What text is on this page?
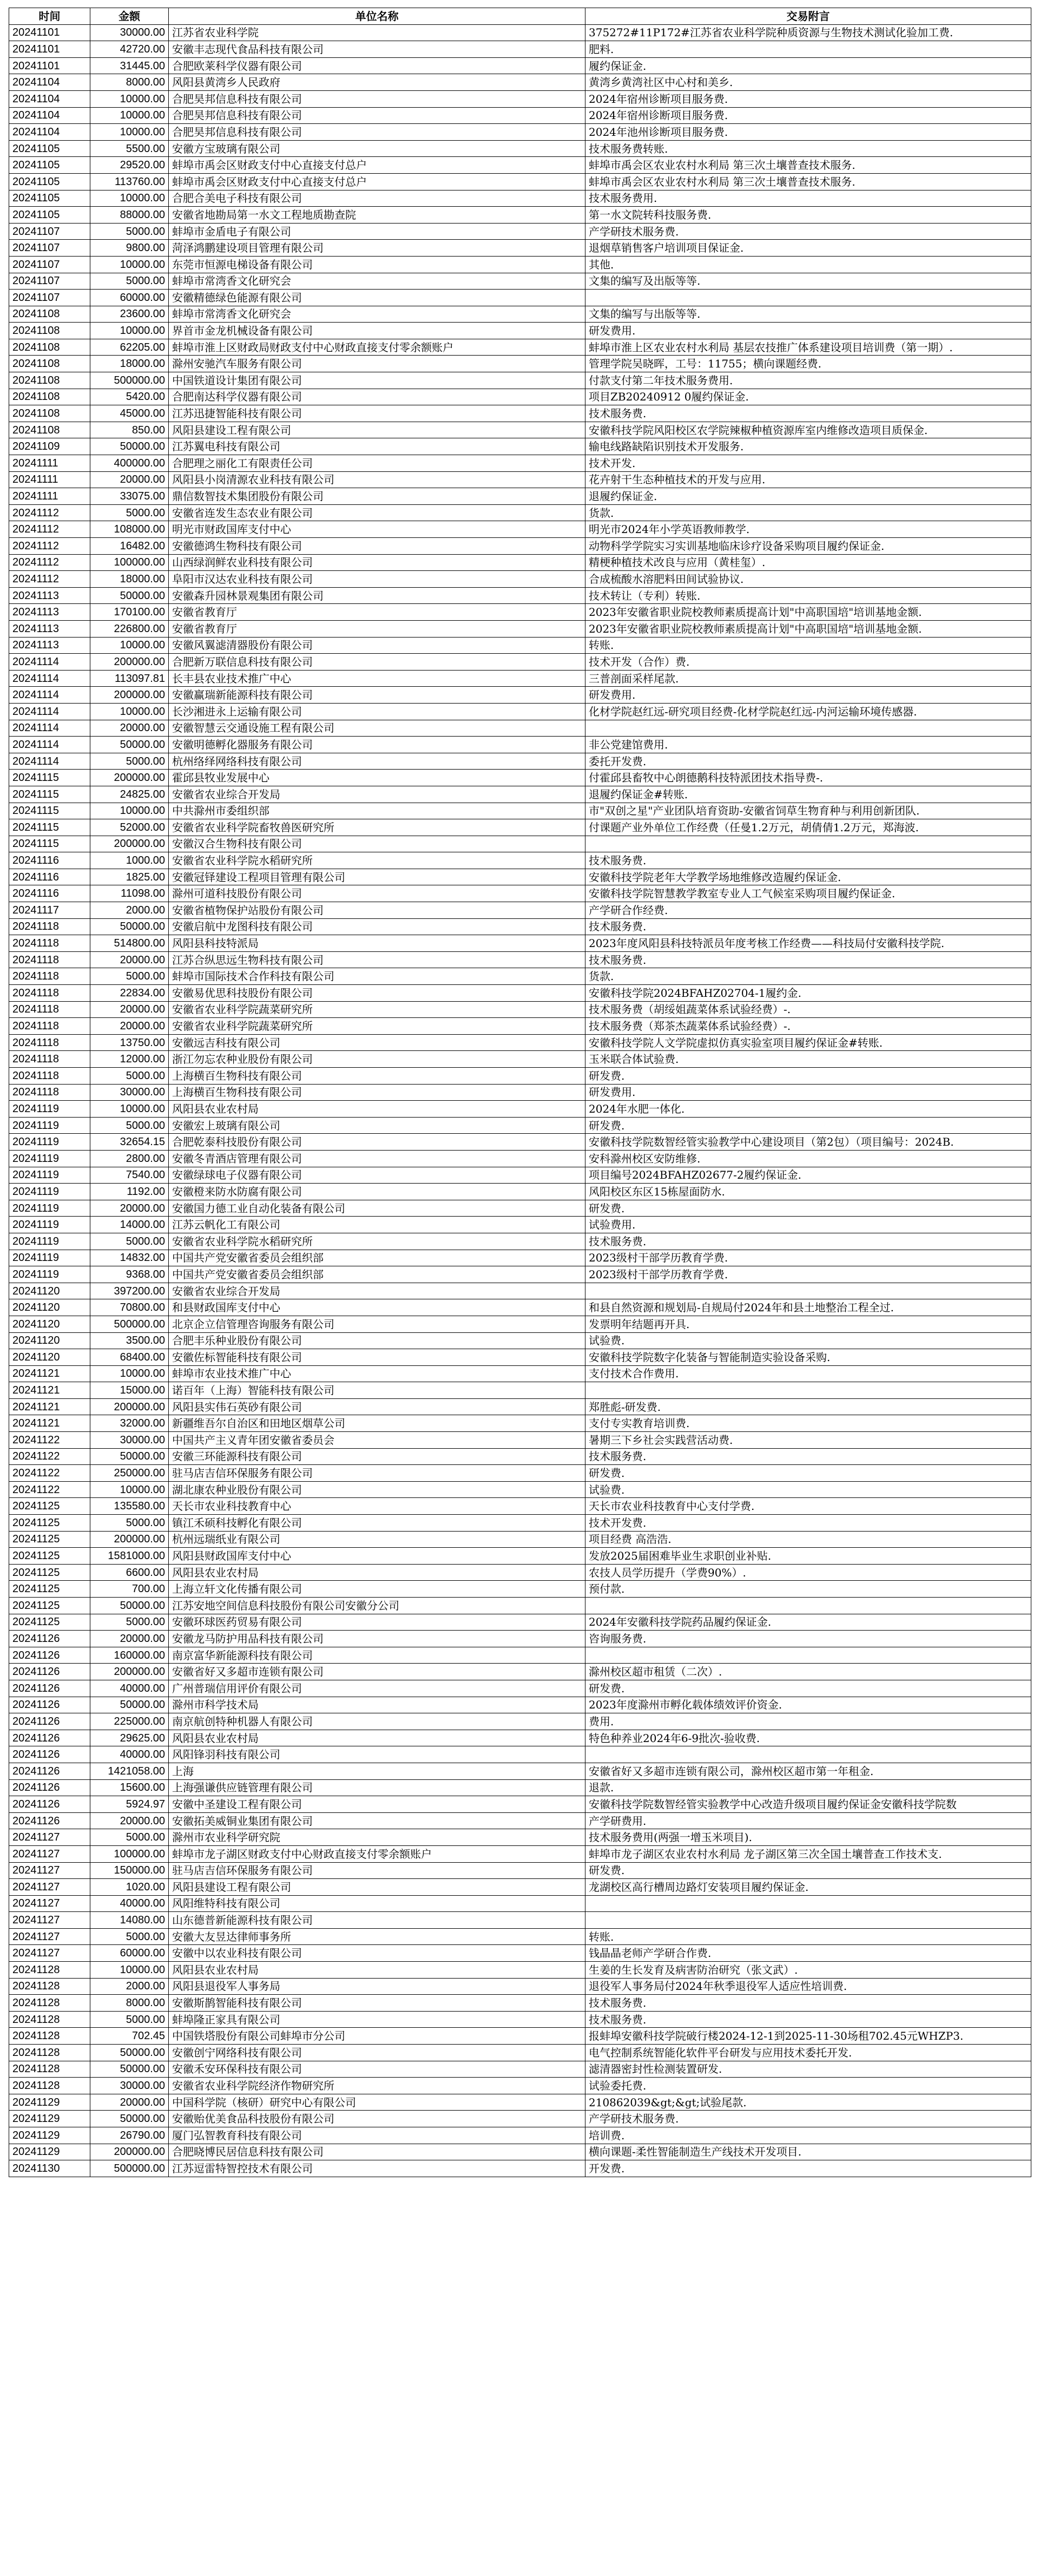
时间	金额	单位名称	交易附言
20241101	30000.00	江苏省农业科学院	375272#11P172#江苏省农业科学院种质资源与生物技术测试化验加工费.
20241101	42720.00	安徽丰志现代食品科技有限公司	肥料.
20241101	31445.00	合肥欧莱科学仪器有限公司	履约保证金.
20241104	8000.00	风阳县黄湾乡人民政府	黄湾乡黄湾社区中心村和美乡.
20241104	10000.00	合肥昊邦信息科技有限公司	2024年宿州诊断项目服务费.
20241104	10000.00	合肥昊邦信息科技有限公司	2024年宿州诊断项目服务费.
20241104	10000.00	合肥昊邦信息科技有限公司	2024年池州诊断项目服务费.
20241105	5500.00	安徽方宝玻璃有限公司	技术服务费转账.
20241105	29520.00	蚌埠市禹会区财政支付中心直接支付总户	蚌埠市禹会区农业农村水利局 第三次土壤普查技术服务.
20241105	113760.00	蚌埠市禹会区财政支付中心直接支付总户	蚌埠市禹会区农业农村水利局 第三次土壤普查技术服务.
20241105	10000.00	合肥合美电子科技有限公司	技术服务费用.
20241105	88000.00	安徽省地勘局第一水文工程地质勘查院	第一水文院转科技服务费.
20241107	5000.00	蚌埠市金盾电子有限公司	产学研技术服务费.
20241107	9800.00	菏泽鸿鹏建设项目管理有限公司	退烟草销售客户培训项目保证金.
20241107	10000.00	东莞市恒源电梯设备有限公司	其他.
20241107	5000.00	蚌埠市常湾香文化研究会	文集的编写及出版等等.
20241107	60000.00	安徽精德绿色能源有限公司	
20241108	23600.00	蚌埠市常湾香文化研究会	文集的编写与出版等等.
20241108	10000.00	界首市金龙机械设备有限公司	研发费用.
20241108	62205.00	蚌埠市淮上区财政局财政支付中心财政直接支付零余额账户	蚌埠市淮上区农业农村水利局 基层农技推广体系建设项目培训费（第一期）.
20241108	18000.00	滁州安驰汽车服务有限公司	管理学院吴晓晖，工号：11755；横向课题经费.
20241108	500000.00	中国铁道设计集团有限公司	付款支付第二年技术服务费用.
20241108	5420.00	合肥南达科学仪器有限公司	项目ZB20240912 0履约保证金.
20241108	45000.00	江苏迅捷智能科技有限公司	技术服务费.
20241108	850.00	风阳县建设工程有限公司	安徽科技学院风阳校区农学院辣椒种植资源库室内维修改造项目质保金.
20241109	50000.00	江苏翼电科技有限公司	输电线路缺陷识别技术开发服务.
20241111	400000.00	合肥理之丽化工有限责任公司	技术开发.
20241111	20000.00	风阳县小岗清源农业科技有限公司	花卉射干生态种植技术的开发与应用.
20241111	33075.00	鼎信数智技术集团股份有限公司	退履约保证金.
20241112	5000.00	安徽省连发生态农业有限公司	货款.
20241112	108000.00	明光市财政国库支付中心	明光市2024年小学英语教师教学.
20241112	16482.00	安徽德鸿生物科技有限公司	动物科学学院实习实训基地临床诊疗设备采购项目履约保证金.
20241112	100000.00	山西绿润鲜农业科技有限公司	精梗种植技术改良与应用（黄桂玺）.
20241112	18000.00	阜阳市汉达农业科技有限公司	合成梳酸水溶肥料田间试验协议.
20241113	50000.00	安徽森升园林景观集团有限公司	技术转让（专利）转账.
20241113	170100.00	安徽省教育厅	2023年安徽省职业院校教师素质提高计划"中高职国培"培训基地金额.
20241113	226800.00	安徽省教育厅	2023年安徽省职业院校教师素质提高计划"中高职国培"培训基地金额.
20241113	10000.00	安徽风翼滤清器股份有限公司	转账.
20241114	200000.00	合肥新万联信息科技有限公司	技术开发（合作）费.
20241114	113097.81	长丰县农业技术推广中心	三普剖面采样尾款.
20241114	200000.00	安徽赢瑞新能源科技有限公司	研发费用.
20241114	10000.00	长沙湘进永上运输有限公司	化材学院赵红远-研究项目经费-化材学院赵红远-内河运输环境传感器.
20241114	20000.00	安徽智慧云交通设施工程有限公司	
20241114	50000.00	安徽明德孵化器服务有限公司	非公党建馆费用.
20241114	5000.00	杭州络绎网络科技有限公司	委托开发费.
20241115	200000.00	霍邱县牧业发展中心	付霍邱县畜牧中心朗德鹅科技特派团技术指导费-.
20241115	24825.00	安徽省农业综合开发局	退履约保证金#转账.
20241115	10000.00	中共滁州市委组织部	市"双创之星"产业团队培育资助-安徽省饲草生物育种与利用创新团队.
20241115	52000.00	安徽省农业科学院畜牧兽医研究所	付课题产业外单位工作经费（任曼1.2万元，胡倩倩1.2万元，郑海波.
20241115	200000.00	安徽汉合生物科技有限公司	
20241116	1000.00	安徽省农业科学院水稻研究所	技术服务费.
20241116	1825.00	安徽冠铎建设工程项目管理有限公司	安徽科技学院老年大学教学场地维修改造履约保证金.
20241116	11098.00	滁州可道科技股份有限公司	安徽科技学院智慧教学教室专业人工气候室采购项目履约保证金.
20241117	2000.00	安徽省植物保护站股份有限公司	产学研合作经费.
20241118	50000.00	安徽启航中龙图科技有限公司	技术服务费.
20241118	514800.00	风阳县科技特派局	2023年度风阳县科技特派员年度考核工作经费——科技局付安徽科技学院.
20241118	20000.00	江苏合纵思远生物科技有限公司	技术服务费.
20241118	5000.00	蚌埠市国际技术合作科技有限公司	货款.
20241118	22834.00	安徽易优思科技股份有限公司	安徽科技学院2024BFAHZ02704-1履约金.
20241118	20000.00	安徽省农业科学院蔬菜研究所	技术服务费（胡绥姐蔬菜体系试验经费）-.
20241118	20000.00	安徽省农业科学院蔬菜研究所	技术服务费（郑茶杰蔬菜体系试验经费）-.
20241118	13750.00	安徽远吉科技有限公司	安徽科技学院人文学院虚拟仿真实验室项目履约保证金#转账.
20241118	12000.00	浙江勿忘农种业股份有限公司	玉米联合体试验费.
20241118	5000.00	上海横百生物科技有限公司	研发费.
20241118	30000.00	上海横百生物科技有限公司	研发费用.
20241119	10000.00	风阳县农业农村局	2024年水肥一体化.
20241119	5000.00	安徽宏上玻璃有限公司	研发费.
20241119	32654.15	合肥乾泰科技股份有限公司	安徽科技学院数智经管实验教学中心建设项目（第2包）（项目编号：2024B.
20241119	2800.00	安徽冬青酒店管理有限公司	安科滁州校区安防维修.
20241119	7540.00	安徽绿球电子仪器有限公司	项目编号2024BFAHZ02677-2履约保证金.
20241119	1192.00	安徽橙来防水防腐有限公司	风阳校区东区15栋屋面防水.
20241119	20000.00	安徽国力德工业自动化装备有限公司	研发费.
20241119	14000.00	江苏云帆化工有限公司	试验费用.
20241119	5000.00	安徽省农业科学院水稻研究所	技术服务费.
20241119	14832.00	中国共产党安徽省委员会组织部	2023级村干部学历教育学费.
20241119	9368.00	中国共产党安徽省委员会组织部	2023级村干部学历教育学费.
20241120	397200.00	安徽省农业综合开发局	
20241120	70800.00	和县财政国库支付中心	和县自然资源和规划局-自规局付2024年和县土地整治工程全过.
20241120	500000.00	北京企立信管理咨询服务有限公司	发票明年结题再开具.
20241120	3500.00	合肥丰乐种业股份有限公司	试验费.
20241120	68400.00	安徽佐标智能科技有限公司	安徽科技学院数字化装备与智能制造实验设备采购.
20241121	10000.00	蚌埠市农业技术推广中心	支付技术合作费用.
20241121	15000.00	诺百年（上海）智能科技有限公司	
20241121	200000.00	风阳县实伟石英砂有限公司	郑胜彪-研发费.
20241121	32000.00	新疆维吾尔自治区和田地区烟草公司	支付专实教育培训费.
20241122	30000.00	中国共产主义青年团安徽省委员会	暑期三下乡社会实践营活动费.
20241122	50000.00	安徽三环能源科技有限公司	技术服务费.
20241122	250000.00	驻马店吉信环保服务有限公司	研发费.
20241122	10000.00	湖北康农种业股份有限公司	试验费.
20241125	135580.00	天长市农业科技教育中心	天长市农业科技教育中心支付学费.
20241125	5000.00	镇江禾硕科技孵化有限公司	技术开发费.
20241125	200000.00	杭州远瑞纸业有限公司	项目经费 高浩浩.
20241125	1581000.00	风阳县财政国库支付中心	发放2025届困难毕业生求职创业补贴.
20241125	6600.00	风阳县农业农村局	农技人员学历提升（学费90%）.
20241125	700.00	上海立轩文化传播有限公司	预付款.
20241125	50000.00	江苏安地空间信息科技股份有限公司安徽分公司	
20241125	5000.00	安徽环球医药贸易有限公司	2024年安徽科技学院药品履约保证金.
20241126	20000.00	安徽龙马防护用品科技有限公司	咨询服务费.
20241126	160000.00	南京富华新能源科技有限公司	
20241126	200000.00	安徽省好又多超市连锁有限公司	滁州校区超市租赁（二次）.
20241126	40000.00	广州普瑞信用评价有限公司	研发费.
20241126	50000.00	滁州市科学技术局	2023年度滁州市孵化载体绩效评价资金.
20241126	225000.00	南京航创特种机器人有限公司	费用.
20241126	29625.00	风阳县农业农村局	特色种养业2024年6-9批次-验收费.
20241126	40000.00	风阳锋羽科技有限公司	
20241126	1421058.00	上海	安徽省好又多超市连锁有限公司，滁州校区超市第一年租金.
20241126	15600.00	上海强谦供应链管理有限公司	退款.
20241126	5924.97	安徽中圣建设工程有限公司	安徽科技学院数智经管实验教学中心改造升级项目履约保证金安徽科技学院数
20241126	20000.00	安徽拓美威铜业集团有限公司	产学研费用.
20241127	5000.00	滁州市农业科学研究院	技术服务费用(两强一增玉米项目).
20241127	100000.00	蚌埠市龙子湖区财政支付中心财政直接支付零余额账户	蚌埠市龙子湖区农业农村水利局 龙子湖区第三次全国土壤普查工作技术支.
20241127	150000.00	驻马店吉信环保服务有限公司	研发费.
20241127	1020.00	风阳县建设工程有限公司	龙湖校区高行槽周边路灯安装项目履约保证金.
20241127	40000.00	风阳维特科技有限公司	
20241127	14080.00	山东德普新能源科技有限公司	
20241127	5000.00	安徽大友昱达律师事务所	转账.
20241127	60000.00	安徽中以农业科技有限公司	钱晶晶老师产学研合作费.
20241128	10000.00	风阳县农业农村局	生姜的生长发育及病害防治研究（张文武）.
20241128	2000.00	风阳县退役军人事务局	退役军人事务局付2024年秋季退役军人适应性培训费.
20241128	8000.00	安徽斯鹊智能科技有限公司	技术服务费.
20241128	5000.00	蚌埠隆正家具有限公司	技术服务费.
20241128	702.45	中国铁塔股份有限公司蚌埠市分公司	报蚌埠安徽科技学院破行楼2024-12-1到2025-11-30场租702.45元WHZP3.
20241128	50000.00	安徽创宁网络科技有限公司	电气控制系统智能化软件平台研发与应用技术委托开发.
20241128	50000.00	安徽禾安环保科技有限公司	滤清器密封性检测装置研发.
20241128	30000.00	安徽省农业科学院经济作物研究所	试验委托费.
20241129	20000.00	中国科学院（核研）研究中心有限公司	210862039&gt;&gt;试验尾款.
20241129	50000.00	安徽贻优美食品科技股份有限公司	产学研技术服务费.
20241129	26790.00	厦门弘智教育科技有限公司	培训费.
20241129	200000.00	合肥晓博民居信息科技有限公司	横向课题-柔性智能制造生产线技术开发项目.
20241130	500000.00	江苏逗雷特智控技术有限公司	开发费.
